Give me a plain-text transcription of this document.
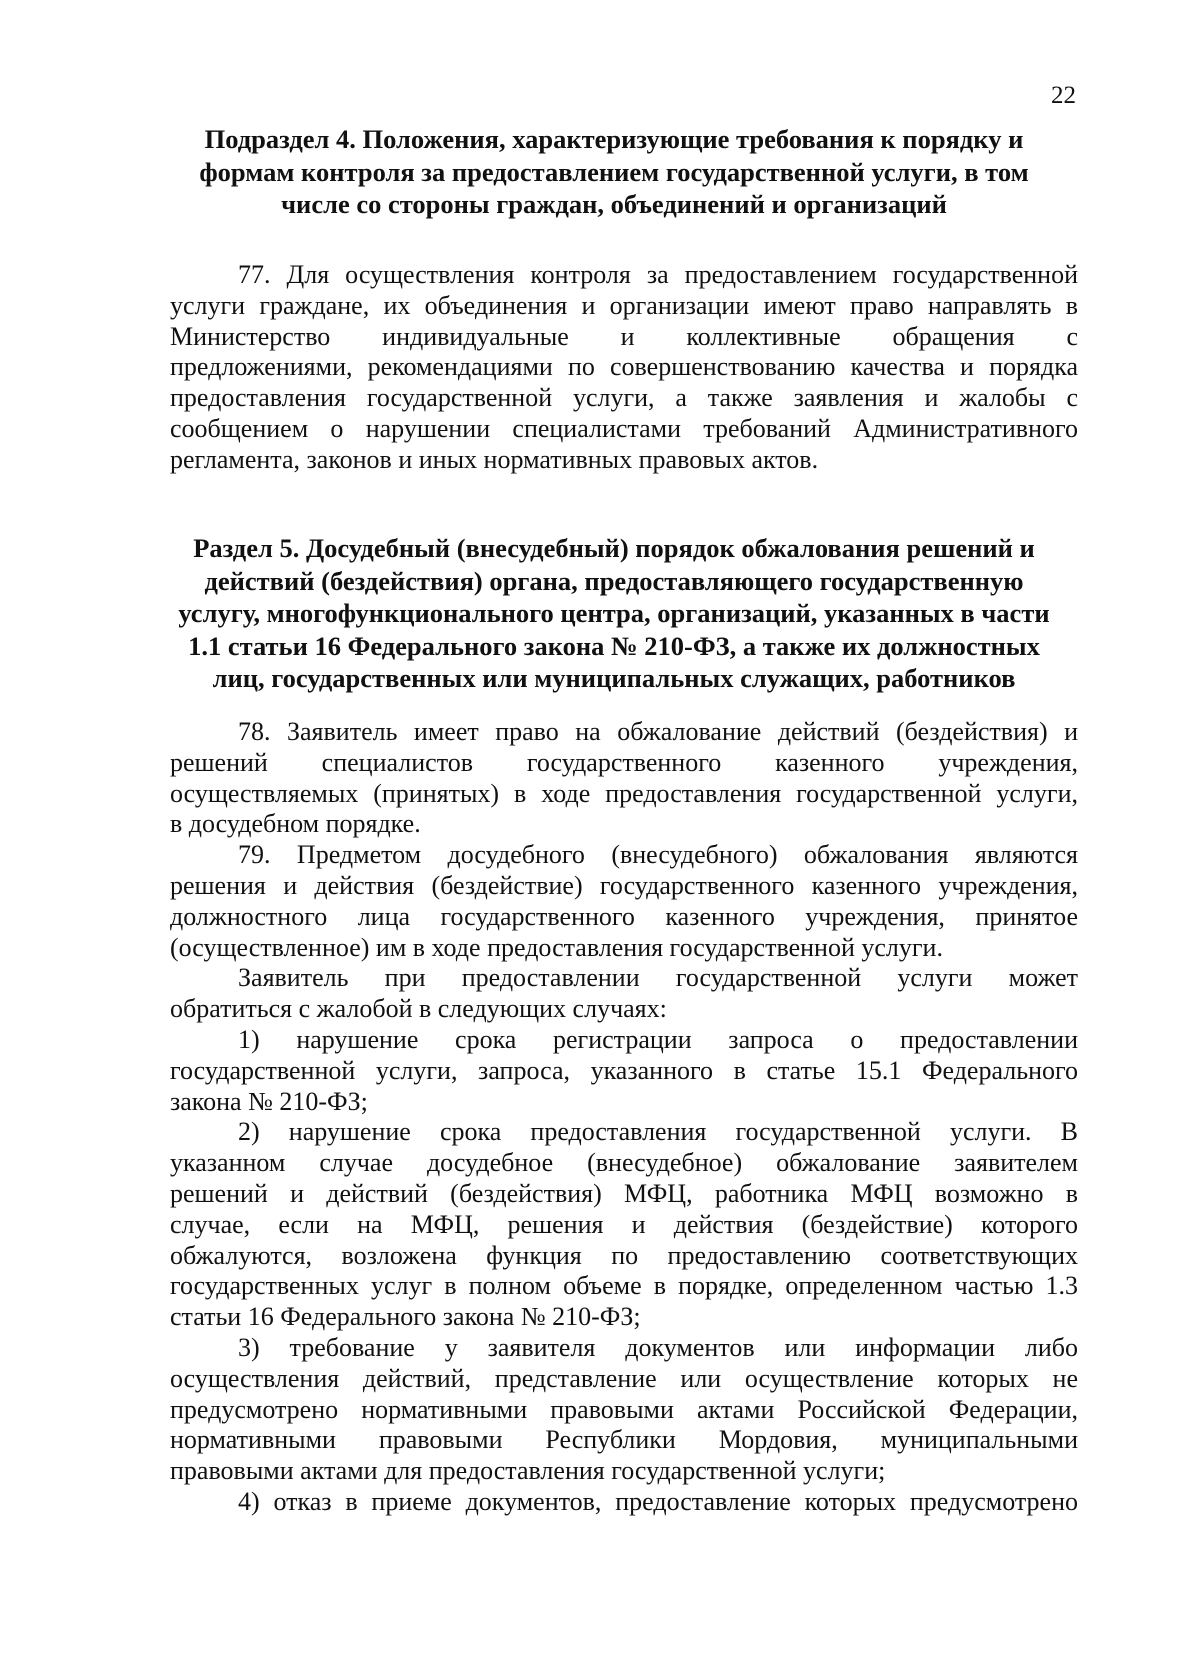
22
Подраздел 4. Положения, характеризующие требования к порядку и
формам контроля за предоставлением государственной услуги, в том
числе со стороны граждан, объединений и организаций
77. Для осуществления контроля за предоставлением государственной
услуги граждане, их объединения и организации имеют право направлять в
Министерство индивидуальные и коллективные обращения с
предложениями, рекомендациями по совершенствованию качества и порядка
предоставления государственной услуги, а также заявления и жалобы с
сообщением о нарушении специалистами требований Административного
регламента, законов и иных нормативных правовых актов.
Раздел 5. Досудебный (внесудебный) порядок обжалования решений и
действий (бездействия) органа, предоставляющего государственную
услугу, многофункционального центра, организаций, указанных в части
1.1 статьи 16 Федерального закона № 210-ФЗ, а также их должностных
лиц, государственных или муниципальных служащих, работников
78. Заявитель имеет право на обжалование действий (бездействия) и
решений специалистов государственного казенного учреждения,
осуществляемых (принятых) в ходе предоставления государственной услуги,
в досудебном порядке.
79. Предметом досудебного (внесудебного) обжалования являются
решения и действия (бездействие) государственного казенного учреждения,
должностного лица государственного казенного учреждения, принятое
(осуществленное) им в ходе предоставления государственной услуги.
Заявитель при предоставлении государственной услуги может
обратиться с жалобой в следующих случаях:
1) нарушение срока регистрации запроса о предоставлении
государственной услуги, запроса, указанного в статье 15.1 Федерального
закона № 210-ФЗ;
2) нарушение срока предоставления государственной услуги. В
указанном случае досудебное (внесудебное) обжалование заявителем
решений и действий (бездействия) МФЦ, работника МФЦ возможно в
случае, если на МФЦ, решения и действия (бездействие) которого
обжалуются, возложена функция по предоставлению соответствующих
государственных услуг в полном объеме в порядке, определенном частью 1.3
статьи 16 Федерального закона № 210-ФЗ;
3) требование у заявителя документов или информации либо
осуществления действий, представление или осуществление которых не
предусмотрено нормативными правовыми актами Российской Федерации,
нормативными правовыми Республики Мордовия, муниципальными
правовыми актами для предоставления государственной услуги;
4) отказ в приеме документов, предоставление которых предусмотрено
